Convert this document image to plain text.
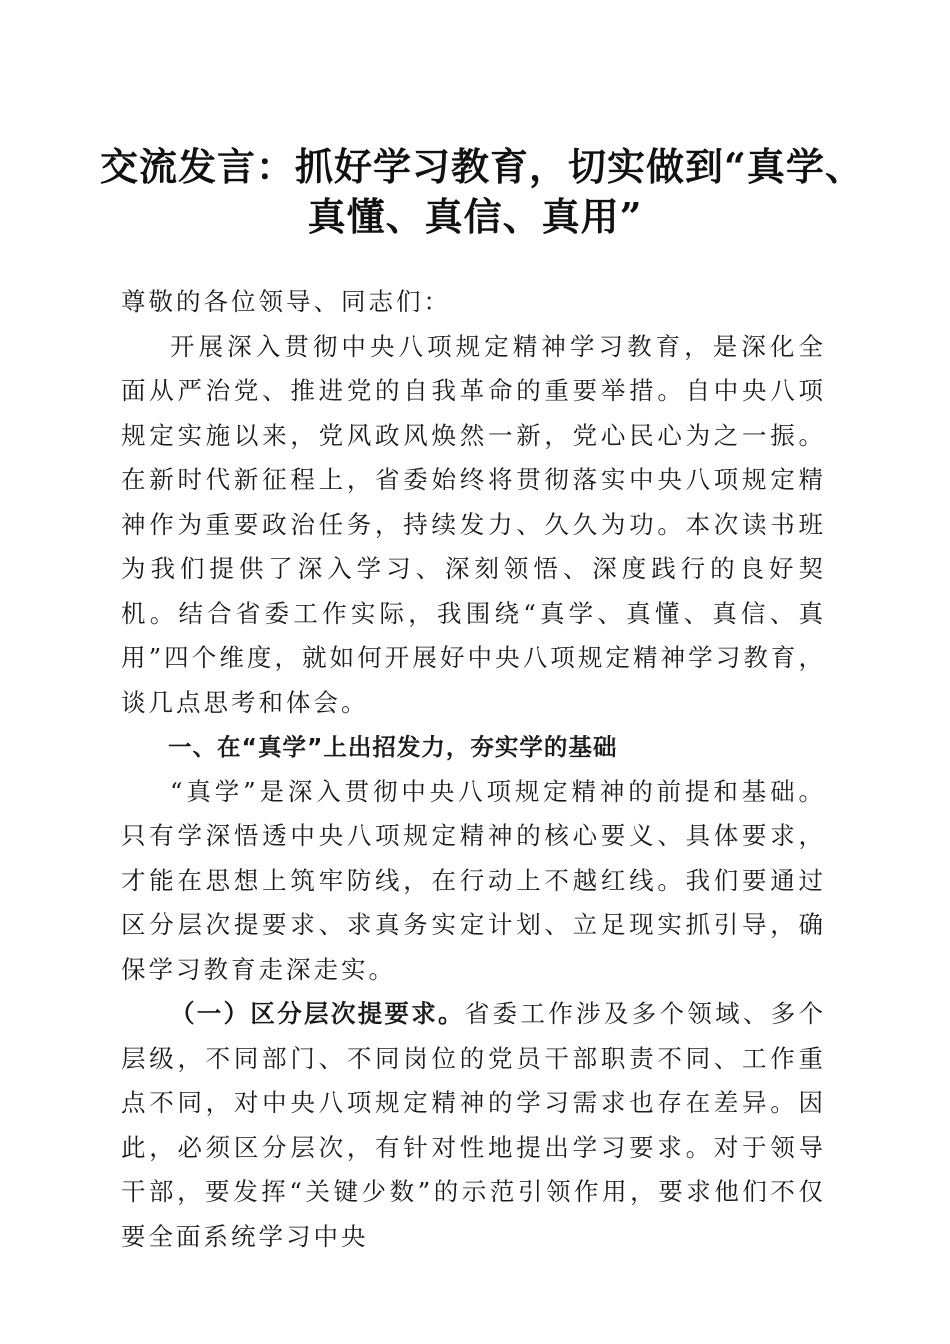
交流发言：抓好学习教育，切实做到“真学、
真懂、真信、真用”

尊敬的各位领导、同志们：

开展深入贯彻中央八项规定精神学习教育，是深化全面从严治党、推进党的自我革命的重要举措。自中央八项规定实施以来，党风政风焕然一新，党心民心为之一振。在新时代新征程上，省委始终将贯彻落实中央八项规定精神作为重要政治任务，持续发力、久久为功。本次读书班为我们提供了深入学习、深刻领悟、深度践行的良好契机。结合省委工作实际，我围绕“真学、真懂、真信、真用”四个维度，就如何开展好中央八项规定精神学习教育，谈几点思考和体会。

一、在“真学”上出招发力，夯实学的基础

“真学”是深入贯彻中央八项规定精神的前提和基础。只有学深悟透中央八项规定精神的核心要义、具体要求，才能在思想上筑牢防线，在行动上不越红线。我们要通过区分层次提要求、求真务实定计划、立足现实抓引导，确保学习教育走深走实。

（一）区分层次提要求。省委工作涉及多个领域、多个层级，不同部门、不同岗位的党员干部职责不同、工作重点不同，对中央八项规定精神的学习需求也存在差异。因此，必须区分层次，有针对性地提出学习要求。对于领导干部，要发挥“关键少数”的示范引领作用，要求他们不仅要全面系统学习中央
